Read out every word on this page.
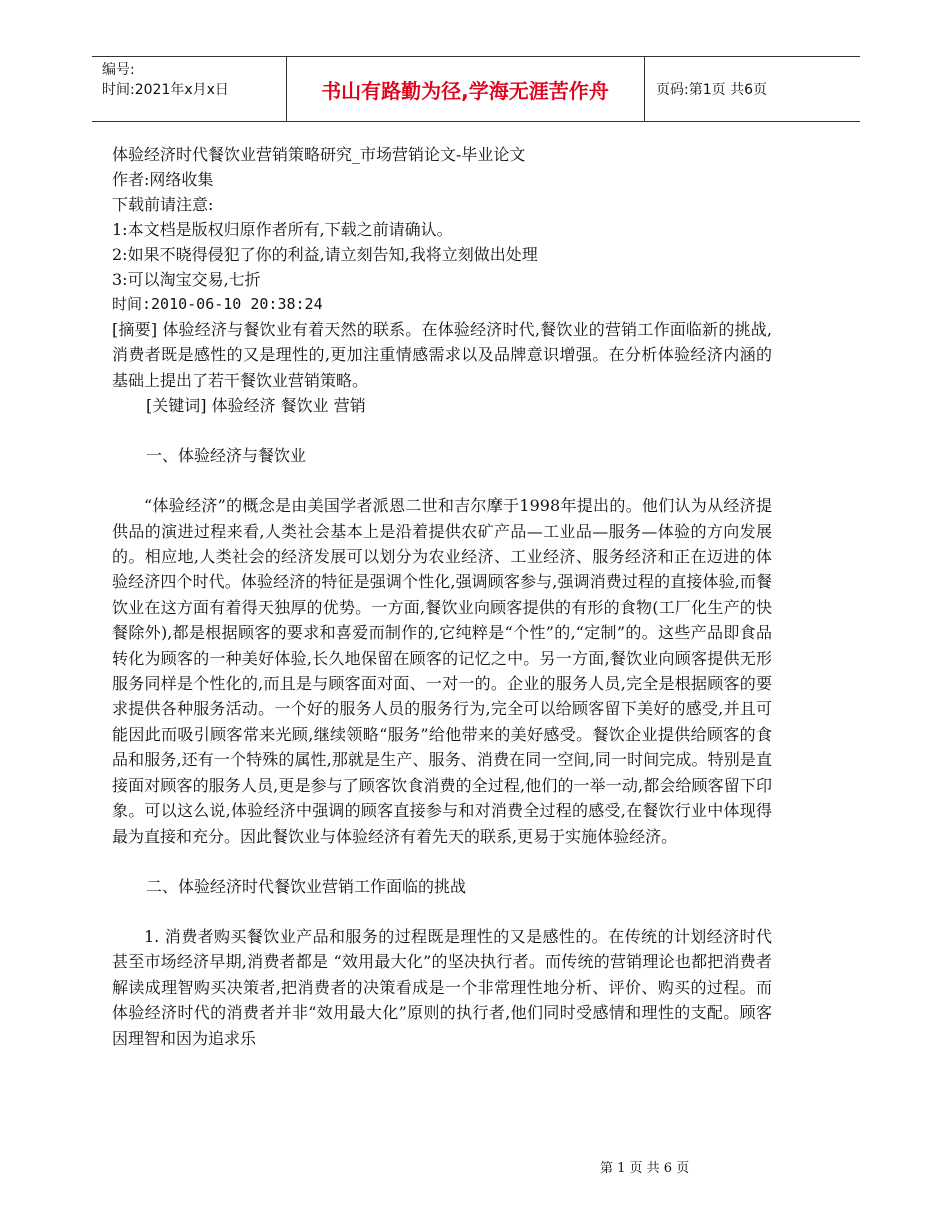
编号:
时间:2021年x月x日	书山有路勤为径,学海无涯苦作舟	页码:第1页 共6页

体验经济时代餐饮业营销策略研究_市场营销论文-毕业论文

作者:网络收集

下载前请注意:

1:本文档是版权归原作者所有,下载之前请确认。

2:如果不晓得侵犯了你的利益,请立刻告知,我将立刻做出处理

3:可以淘宝交易,七折

时间:2010-06-10 20:38:24

[摘要] 体验经济与餐饮业有着天然的联系。在体验经济时代,餐饮业的营销工作面临新的挑战,消费者既是感性的又是理性的,更加注重情感需求以及品牌意识增强。在分析体验经济内涵的基础上提出了若干餐饮业营销策略。

[关键词] 体验经济 餐饮业 营销

一、体验经济与餐饮业

“体验经济”的概念是由美国学者派恩二世和吉尔摩于1998年提出的。他们认为从经济提供品的演进过程来看,人类社会基本上是沿着提供农矿产品—工业品—服务—体验的方向发展的。相应地,人类社会的经济发展可以划分为农业经济、工业经济、服务经济和正在迈进的体验经济四个时代。体验经济的特征是强调个性化,强调顾客参与,强调消费过程的直接体验,而餐饮业在这方面有着得天独厚的优势。一方面,餐饮业向顾客提供的有形的食物(工厂化生产的快餐除外),都是根据顾客的要求和喜爱而制作的,它纯粹是“个性”的,“定制”的。这些产品即食品转化为顾客的一种美好体验,长久地保留在顾客的记忆之中。另一方面,餐饮业向顾客提供无形服务同样是个性化的,而且是与顾客面对面、一对一的。企业的服务人员,完全是根据顾客的要求提供各种服务活动。一个好的服务人员的服务行为,完全可以给顾客留下美好的感受,并且可能因此而吸引顾客常来光顾,继续领略“服务”给他带来的美好感受。餐饮企业提供给顾客的食品和服务,还有一个特殊的属性,那就是生产、服务、消费在同一空间,同一时间完成。特别是直接面对顾客的服务人员,更是参与了顾客饮食消费的全过程,他们的一举一动,都会给顾客留下印象。可以这么说,体验经济中强调的顾客直接参与和对消费全过程的感受,在餐饮行业中体现得最为直接和充分。因此餐饮业与体验经济有着先天的联系,更易于实施体验经济。

二、体验经济时代餐饮业营销工作面临的挑战

1. 消费者购买餐饮业产品和服务的过程既是理性的又是感性的。在传统的计划经济时代甚至市场经济早期,消费者都是 “效用最大化”的坚决执行者。而传统的营销理论也都把消费者解读成理智购买决策者,把消费者的决策看成是一个非常理性地分析、评价、购买的过程。而体验经济时代的消费者并非“效用最大化”原则的执行者,他们同时受感情和理性的支配。顾客因理智和因为追求乐

第 1 页 共 6 页
